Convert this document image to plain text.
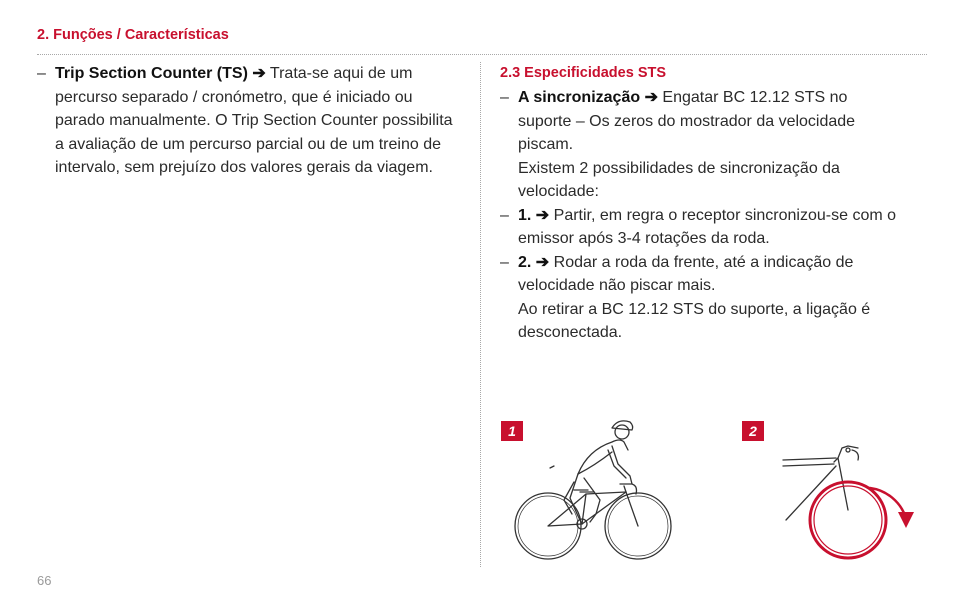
2. Funções / Características
– Trip Section Counter (TS) ➔ Trata-se aqui de um percurso separado / cronómetro, que é iniciado ou parado manualmente. O Trip Section Counter possibilita a avaliação de um percurso parcial ou de um treino de intervalo, sem prejuízo dos valores gerais da viagem.
2.3 Especificidades STS
– A sincronização ➔ Engatar BC 12.12 STS no suporte – Os zeros do mostrador da velocidade piscam.
Existem 2 possibilidades de sincronização da velocidade:
– 1. ➔ Partir, em regra o receptor sincronizou-se com o emissor após 3-4 rotações da roda.
– 2. ➔ Rodar a roda da frente, até a indicação de velocidade não piscar mais.
Ao retirar a BC 12.12 STS do suporte, a ligação é desconectada.
1	2
66
